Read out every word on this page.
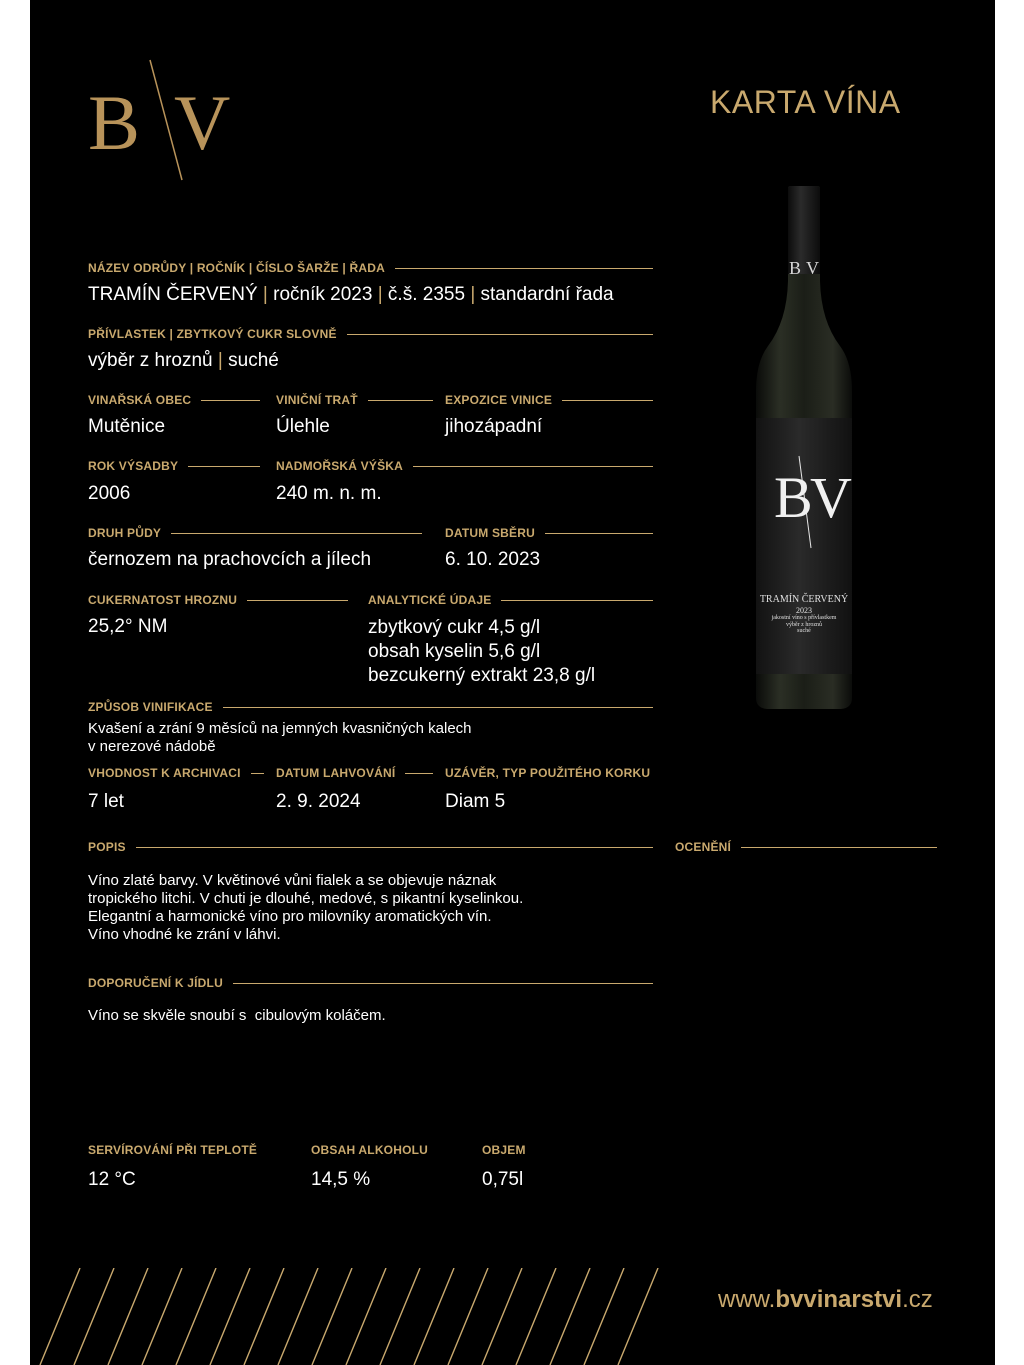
B V	KARTA VÍNA
NÁZEV ODRŮDY | ROČNÍK | ČÍSLO ŠARŽE | ŘADA
TRAMÍN ČERVENÝ | ročník 2023 | č.š. 2355 | standardní řada
PŘÍVLASTEK | ZBYTKOVÝ CUKR SLOVNĚ
výběr z hroznů | suché
VINAŘSKÁ OBEC
Mutěnice
VINIČNÍ TRAŤ
Úlehle
EXPOZICE VINICE
jihozápadní
ROK VÝSADBY
2006
NADMOŘSKÁ VÝŠKA
240 m. n. m.
DRUH PŮDY
černozem na prachovcích a jílech
DATUM SBĚRU
6. 10. 2023
CUKERNATOST HROZNU
25,2° NM
ANALYTICKÉ ÚDAJE
zbytkový cukr 4,5 g/l
obsah kyselin 5,6 g/l
bezcukerný extrakt 23,8 g/l
ZPŮSOB VINIFIKACE
Kvašení a zrání 9 měsíců na jemných kvasničných kalech
v nerezové nádobě
VHODNOST K ARCHIVACI
7 let
DATUM LAHVOVÁNÍ
2. 9. 2024
UZÁVĚR, TYP POUŽITÉHO KORKU
Diam 5
POPIS	OCENĚNÍ
Víno zlaté barvy. V květinové vůni fialek a se objevuje náznak
tropického litchi. V chuti je dlouhé, medové, s pikantní kyselinkou.
Elegantní a harmonické víno pro milovníky aromatických vín.
Víno vhodné ke zrání v láhvi.
DOPORUČENÍ K JÍDLU
Víno se skvěle snoubí s  cibulovým koláčem.
SERVÍROVÁNÍ PŘI TEPLOTĚ
12 °C
OBSAH ALKOHOLU
14,5 %
OBJEM
0,75l
B V
B
V
TRAMÍN ČERVENÝ
2023
jakostní víno s přívlastkem
výběr z hroznů
suché
www.bvvinarstvi.cz
